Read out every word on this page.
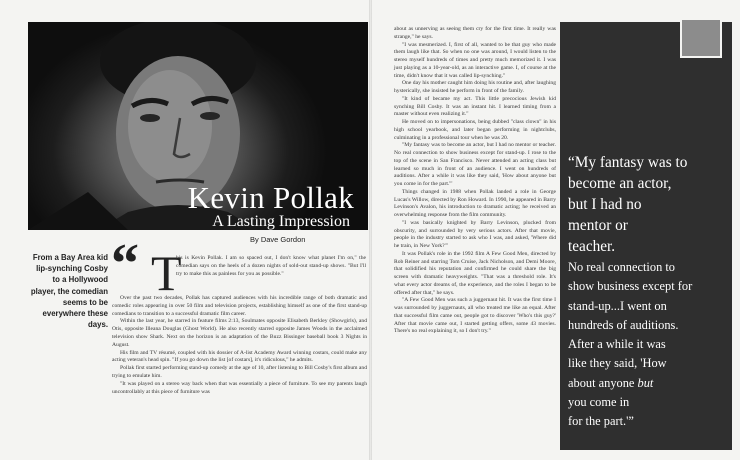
Kevin Pollak
A Lasting Impression
By Dave Gordon
From a Bay Area kid lip-synching Cosby to a Hollywood player, the comedian seems to be everywhere these days.
“ T

his is Kevin Pollak. I am so spaced out, I don't know what planet I'm on," the comedian says on the heels of a dozen nights of sold-out stand-up shows. "But I'll try to make this as painless for you as possible."

Over the past two decades, Pollak has captured audiences with his incredible range of both dramatic and comedic roles appearing in over 50 film and television projects, establishing himself as one of the first stand-up comedians to transition to a successful dramatic film career.

Within the last year, he starred in feature films 2:13, Soulmates opposite Elisabeth Berkley (Showgirls), and Otis, opposite Illeana Douglas (Ghost World). He also recently starred opposite James Woods in the acclaimed television show Shark. Next on the horizon is an adaptation of the Buzz Bissinger baseball book 3 Nights in August.

His film and TV résumé, coupled with his dossier of A-list Academy Award winning costars, could make any acting veteran's head spin. "If you go down the list [of costars], it's ridiculous," he admits.

Pollak first started performing stand-up comedy at the age of 10, after listening to Bill Cosby's first album and trying to emulate him.

"It was played on a stereo way back when that was essentially a piece of furniture. To see my parents laugh uncontrollably at this piece of furniture was

about as unnerving as seeing them cry for the first time. It really was strange," he says.

"I was mesmerized. I, first of all, wanted to be that guy who made them laugh like that. So when no one was around, I would listen to the stereo myself hundreds of times and pretty much memorized it. I was just playing as a 10-year-old, as an interactive game. I, of course at the time, didn't know that it was called lip-synching."

One day his mother caught him doing his routine and, after laughing hysterically, she insisted he perform in front of the family.

"It kind of became my act. This little precocious Jewish kid synching Bill Cosby. It was an instant hit. I learned timing from a master without even realizing it."

He moved on to impersonations, being dubbed "class clown" in his high school yearbook, and later began performing in nightclubs, culminating in a professional tour when he was 20.

"My fantasy was to become an actor, but I had no mentor or teacher. No real connection to show business except for stand-up. I rose to the top of the scene in San Francisco. Never attended an acting class but learned so much in front of an audience. I went on hundreds of auditions. After a while it was like they said, 'How about anyone but you come in for the part.'"

Things changed in 1988 when Pollak landed a role in George Lucas's Willow, directed by Ron Howard. In 1990, he appeared in Barry Levinson's Avalon, his introduction to dramatic acting; he received an overwhelming response from the film community.

"I was basically knighted by Barry Levinson, plucked from obscurity, and surrounded by very serious actors. After that movie, people in the industry started to ask who I was, and asked, 'Where did he train, in New York?'"

It was Pollak's role in the 1992 film A Few Good Men, directed by Rob Reiner and starring Tom Cruise, Jack Nicholson, and Demi Moore, that solidified his reputation and confirmed he could share the big screen with dramatic heavyweights. "That was a threshold role. It's what every actor dreams of, the experience, and the roles I began to be offered after that," he says.

"A Few Good Men was such a juggernaut hit. It was the first time I was surrounded by juggernauts, all who treated me like an equal. After that successful film came out, people got to discover 'Who's this guy?' After that movie came out, I started getting offers, some 43 movies. There's no real explaining it, so I don't try."

“My fantasy was to
become an actor,
but I had no
mentor or
teacher.
No real connection to
show business except for
stand-up...I went on
hundreds of auditions.
After a while it was
like they said, 'How
about anyone but
you come in
for the part.'”
